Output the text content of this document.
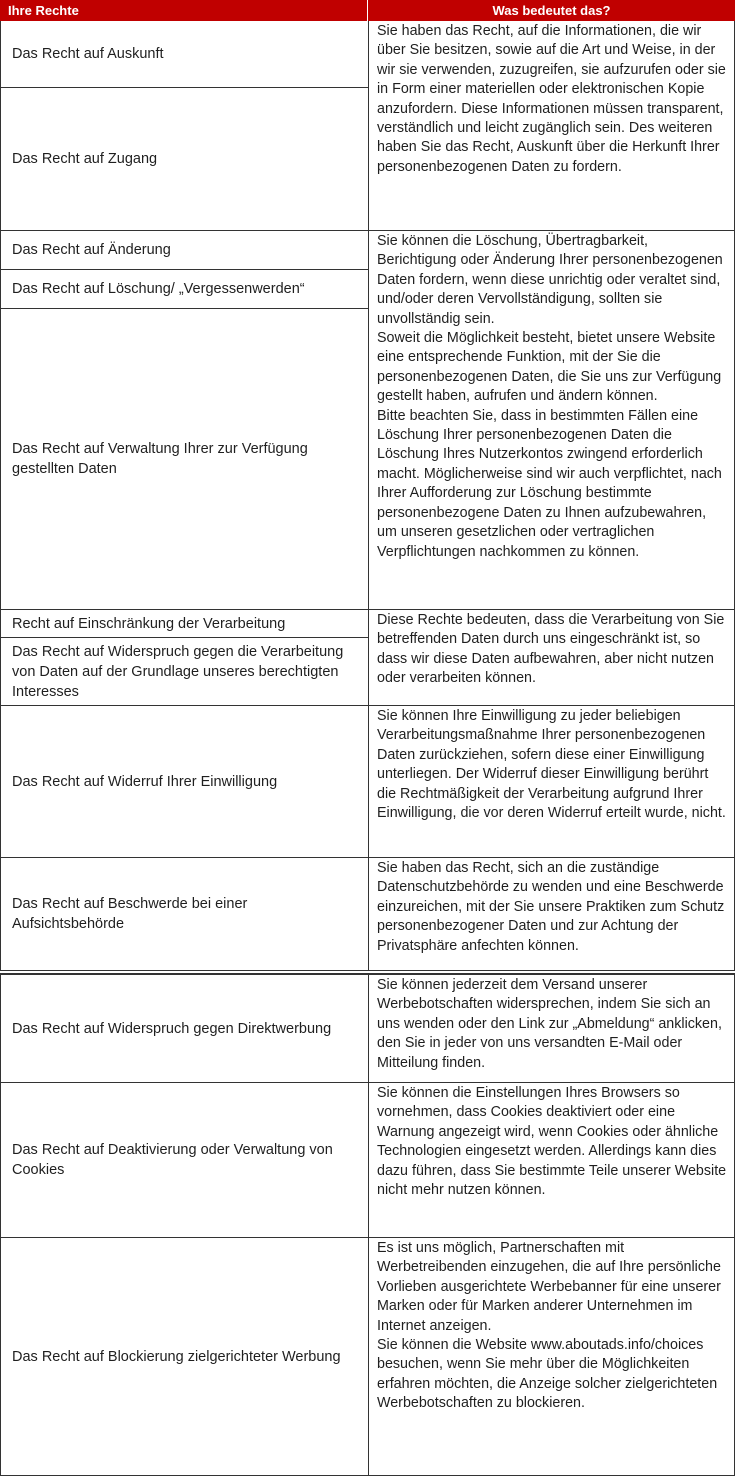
Ihre Rechte	Was bedeutet das?
Das Recht auf Auskunft
Das Recht auf Zugang
Das Recht auf Änderung
Das Recht auf Löschung/ „Vergessenwerden“
Das Recht auf Verwaltung Ihrer zur Verfügung gestellten Daten
Recht auf Einschränkung der Verarbeitung
Das Recht auf Widerspruch gegen die Verarbeitung von Daten auf der Grundlage unseres berechtigten Interesses
Das Recht auf Widerruf Ihrer Einwilligung
Das Recht auf Beschwerde bei einer Aufsichtsbehörde
Das Recht auf Widerspruch gegen Direktwerbung
Das Recht auf Deaktivierung oder Verwaltung von Cookies
Das Recht auf Blockierung zielgerichteter Werbung
Sie haben das Recht, auf die Informationen, die wir über Sie besitzen, sowie auf die Art und Weise, in der wir sie verwenden, zuzugreifen, sie aufzurufen oder sie in Form einer materiellen oder elektronischen Kopie anzufordern. Diese Informationen müssen transparent, verständlich und leicht zugänglich sein. Des weiteren haben Sie das Recht, Auskunft über die Herkunft Ihrer personenbezogenen Daten zu fordern.
Sie können die Löschung, Übertragbarkeit, Berichtigung oder Änderung Ihrer personenbezogenen Daten fordern, wenn diese unrichtig oder veraltet sind, und/oder deren Vervollständigung, sollten sie unvollständig sein.
Soweit die Möglichkeit besteht, bietet unsere Website eine entsprechende Funktion, mit der Sie die personenbezogenen Daten, die Sie uns zur Verfügung gestellt haben, aufrufen und ändern können.
Bitte beachten Sie, dass in bestimmten Fällen eine Löschung Ihrer personenbezogenen Daten die Löschung Ihres Nutzerkontos zwingend erforderlich macht. Möglicherweise sind wir auch verpflichtet, nach Ihrer Aufforderung zur Löschung bestimmte personenbezogene Daten zu Ihnen aufzubewahren, um unseren gesetzlichen oder vertraglichen Verpflichtungen nachkommen zu können.
Diese Rechte bedeuten, dass die Verarbeitung von Sie betreffenden Daten durch uns eingeschränkt ist, so dass wir diese Daten aufbewahren, aber nicht nutzen oder verarbeiten können.
Sie können Ihre Einwilligung zu jeder beliebigen Verarbeitungsmaßnahme Ihrer personenbezogenen Daten zurückziehen, sofern diese einer Einwilligung unterliegen. Der Widerruf dieser Einwilligung berührt die Rechtmäßigkeit der Verarbeitung aufgrund Ihrer Einwilligung, die vor deren Widerruf erteilt wurde, nicht.
Sie haben das Recht, sich an die zuständige Datenschutzbehörde zu wenden und eine Beschwerde einzureichen, mit der Sie unsere Praktiken zum Schutz personenbezogener Daten und zur Achtung der Privatsphäre anfechten können.
Sie können jederzeit dem Versand unserer Werbebotschaften widersprechen, indem Sie sich an uns wenden oder den Link zur „Abmeldung“ anklicken, den Sie in jeder von uns versandten E-Mail oder Mitteilung finden.
Sie können die Einstellungen Ihres Browsers so vornehmen, dass Cookies deaktiviert oder eine Warnung angezeigt wird, wenn Cookies oder ähnliche Technologien eingesetzt werden. Allerdings kann dies dazu führen, dass Sie bestimmte Teile unserer Website nicht mehr nutzen können.
Es ist uns möglich, Partnerschaften mit Werbetreibenden einzugehen, die auf Ihre persönliche Vorlieben ausgerichtete Werbebanner für eine unserer Marken oder für Marken anderer Unternehmen im Internet anzeigen.
Sie können die Website www.aboutads.info/choices besuchen, wenn Sie mehr über die Möglichkeiten erfahren möchten, die Anzeige solcher zielgerichteten Werbebotschaften zu blockieren.
